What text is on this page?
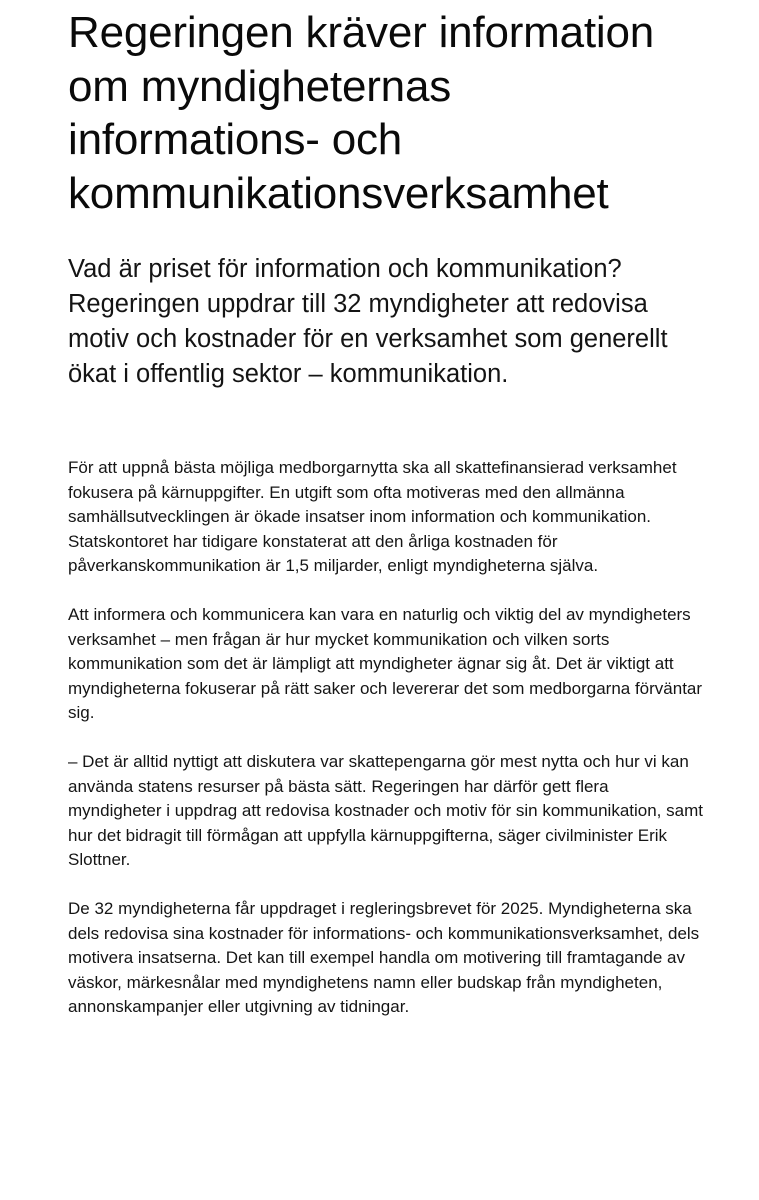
Regeringen kräver information om myndigheternas informations- och kommunikationsverksamhet

Vad är priset för information och kommunikation? Regeringen uppdrar till 32 myndigheter att redovisa motiv och kostnader för en verksamhet som generellt ökat i offentlig sektor – kommunikation.

För att uppnå bästa möjliga medborgarnytta ska all skattefinansierad verksamhet fokusera på kärnuppgifter. En utgift som ofta motiveras med den allmänna samhällsutvecklingen är ökade insatser inom information och kommunikation. Statskontoret har tidigare konstaterat att den årliga kostnaden för påverkanskommunikation är 1,5 miljarder, enligt myndigheterna själva.

Att informera och kommunicera kan vara en naturlig och viktig del av myndigheters verksamhet – men frågan är hur mycket kommunikation och vilken sorts kommunikation som det är lämpligt att myndigheter ägnar sig åt. Det är viktigt att myndigheterna fokuserar på rätt saker och levererar det som medborgarna förväntar sig.

– Det är alltid nyttigt att diskutera var skattepengarna gör mest nytta och hur vi kan använda statens resurser på bästa sätt. Regeringen har därför gett flera myndigheter i uppdrag att redovisa kostnader och motiv för sin kommunikation, samt hur det bidragit till förmågan att uppfylla kärnuppgifterna, säger civilminister Erik Slottner.

De 32 myndigheterna får uppdraget i regleringsbrevet för 2025. Myndigheterna ska dels redovisa sina kostnader för informations- och kommunikationsverksamhet, dels motivera insatserna. Det kan till exempel handla om motivering till framtagande av väskor, märkesnålar med myndighetens namn eller budskap från myndigheten, annonskampanjer eller utgivning av tidningar.
